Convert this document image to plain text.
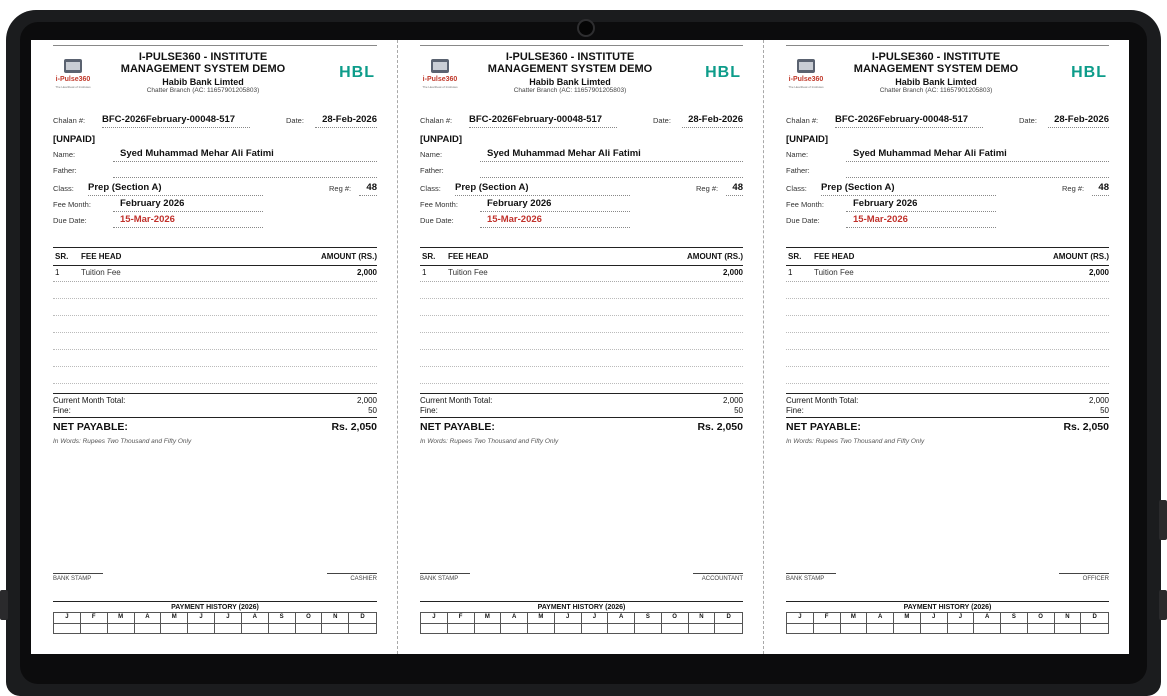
i-Pulse360
The Heartbeat of Institutes
I-PULSE360 - INSTITUTE
MANAGEMENT SYSTEM DEMO
Habib Bank Limted
Chatter Branch (AC: 11657901205803)
HBL
Chalan #: BFC-2026February-00048-517	Date: 28-Feb-2026
[UNPAID]
Name:	Syed Muhammad Mehar Ali Fatimi
Father:
Class: Prep (Section A)	Reg #: 48
Fee Month:	February 2026
Due Date:	15-Mar-2026
SR. FEE HEAD	AMOUNT (RS.)
1	Tuition Fee	2,000
Current Month Total:	2,000
Fine:	50
NET PAYABLE:	Rs. 2,050
In Words: Rupees Two Thousand and Fifty Only
BANK STAMP	CASHIER
PAYMENT HISTORY (2026)
J	F	M	A	M	J	J	A	S	O	N	D
i-Pulse360
The Heartbeat of Institutes
I-PULSE360 - INSTITUTE
MANAGEMENT SYSTEM DEMO
Habib Bank Limted
Chatter Branch (AC: 11657901205803)
HBL
Chalan #: BFC-2026February-00048-517	Date: 28-Feb-2026
[UNPAID]
Name:	Syed Muhammad Mehar Ali Fatimi
Father:
Class: Prep (Section A)	Reg #: 48
Fee Month:	February 2026
Due Date:	15-Mar-2026
SR. FEE HEAD	AMOUNT (RS.)
1	Tuition Fee	2,000
Current Month Total:	2,000
Fine:	50
NET PAYABLE:	Rs. 2,050
In Words: Rupees Two Thousand and Fifty Only
BANK STAMP	ACCOUNTANT
PAYMENT HISTORY (2026)
J	F	M	A	M	J	J	A	S	O	N	D
i-Pulse360
The Heartbeat of Institutes
I-PULSE360 - INSTITUTE
MANAGEMENT SYSTEM DEMO
Habib Bank Limted
Chatter Branch (AC: 11657901205803)
HBL
Chalan #: BFC-2026February-00048-517	Date: 28-Feb-2026
[UNPAID]
Name:	Syed Muhammad Mehar Ali Fatimi
Father:
Class: Prep (Section A)	Reg #: 48
Fee Month:	February 2026
Due Date:	15-Mar-2026
SR. FEE HEAD	AMOUNT (RS.)
1	Tuition Fee	2,000
Current Month Total:	2,000
Fine:	50
NET PAYABLE:	Rs. 2,050
In Words: Rupees Two Thousand and Fifty Only
BANK STAMP	OFFICER
PAYMENT HISTORY (2026)
J	F	M	A	M	J	J	A	S	O	N	D
